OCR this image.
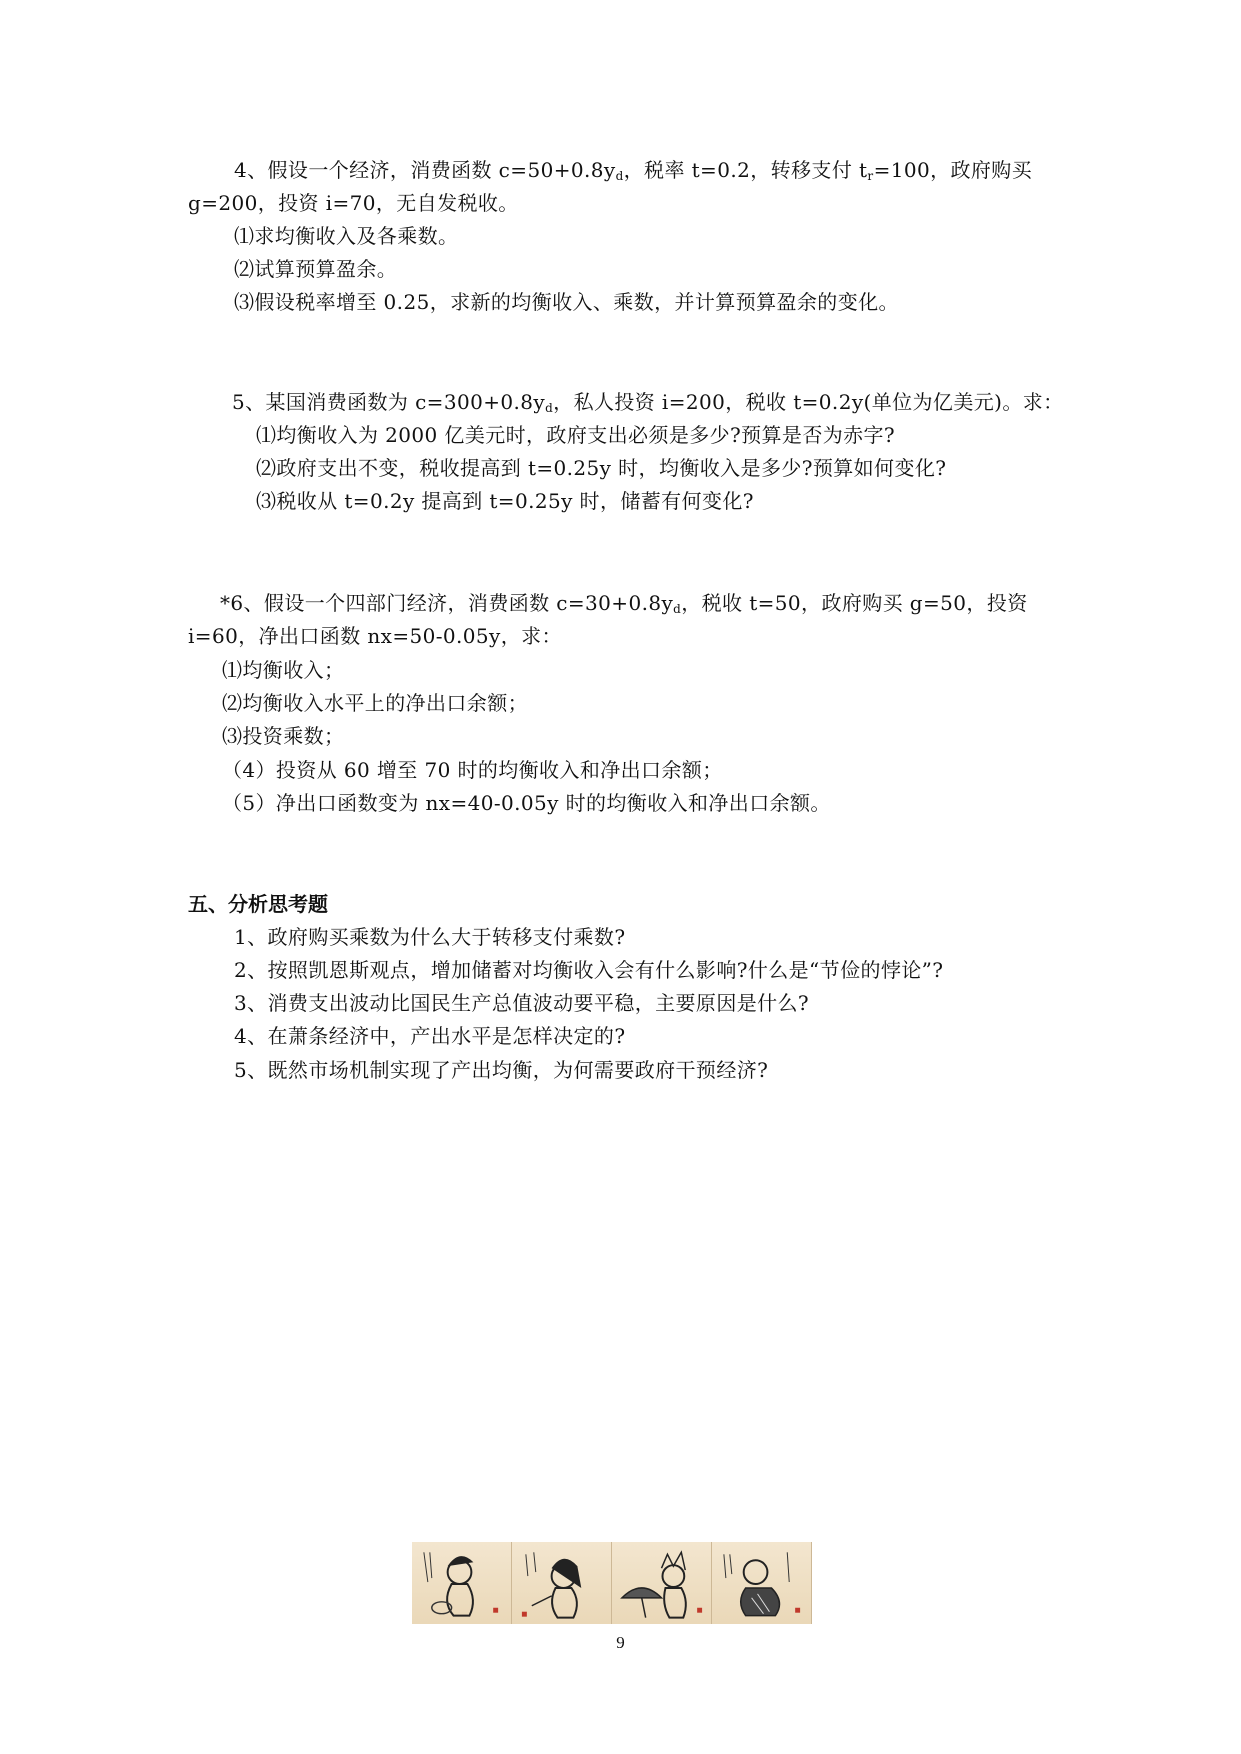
4、假设一个经济，消费函数 $c=50+0.8y_d$，税率 t=0.2，转移支付 $t_r=100$，政府购买
g=200，投资 i=70，无自发税收。
⑴求均衡收入及各乘数。
⑵试算预算盈余。
⑶假设税率增至 0.25，求新的均衡收入、乘数，并计算预算盈余的变化。
5、某国消费函数为 $c=300+0.8y_d$，私人投资 i=200，税收 t=0.2y(单位为亿美元)。求：
⑴均衡收入为 2000 亿美元时，政府支出必须是多少?预算是否为赤字?
⑵政府支出不变，税收提高到 t=0.25y 时，均衡收入是多少?预算如何变化?
⑶税收从 t=0.2y 提高到 t=0.25y 时，储蓄有何变化?
*6、假设一个四部门经济，消费函数 $c=30+0.8y_d$，税收 t=50，政府购买 g=50，投资
i=60，净出口函数 nx=50-0.05y，求：
⑴均衡收入；
⑵均衡收入水平上的净出口余额；
⑶投资乘数；
（4）投资从 60 增至 70 时的均衡收入和净出口余额；
（5）净出口函数变为 nx=40-0.05y 时的均衡收入和净出口余额。
五、分析思考题
1、政府购买乘数为什么大于转移支付乘数?
2、按照凯恩斯观点，增加储蓄对均衡收入会有什么影响?什么是“节俭的悖论”?
3、消费支出波动比国民生产总值波动要平稳，主要原因是什么?
4、在萧条经济中，产出水平是怎样决定的?
5、既然市场机制实现了产出均衡，为何需要政府干预经济?
9
